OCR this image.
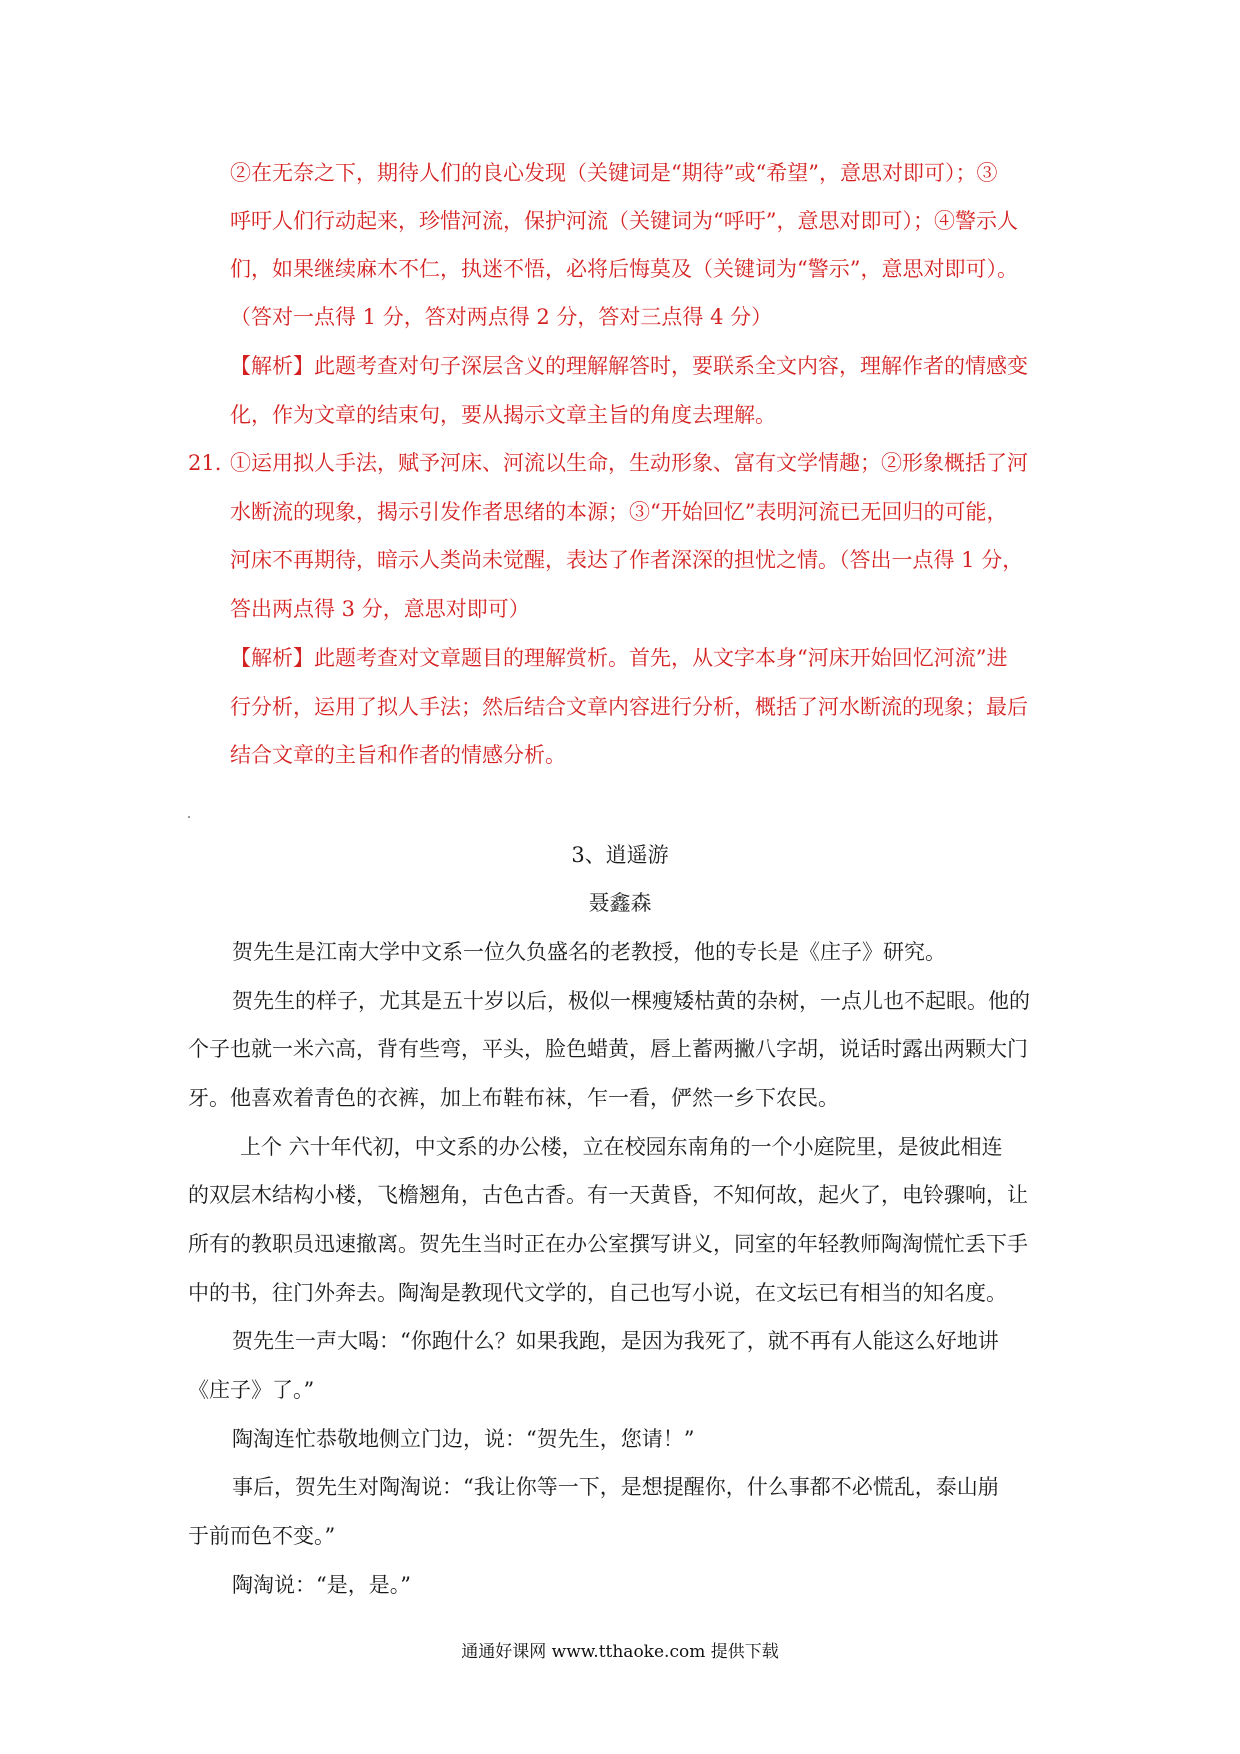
②在无奈之下，期待人们的良心发现（关键词是“期待”或“希望”，意思对即可）；③
呼吁人们行动起来，珍惜河流，保护河流（关键词为“呼吁”，意思对即可）；④警示人
们，如果继续麻木不仁，执迷不悟，必将后悔莫及（关键词为“警示”，意思对即可）。
（答对一点得 1 分，答对两点得 2 分，答对三点得 4 分）
【解析】此题考查对句子深层含义的理解解答时，要联系全文内容，理解作者的情感变
化，作为文章的结束句，要从揭示文章主旨的角度去理解。
21. ①运用拟人手法，赋予河床、河流以生命，生动形象、富有文学情趣；②形象概括了河
水断流的现象，揭示引发作者思绪的本源；③“开始回忆”表明河流已无回归的可能，
河床不再期待，暗示人类尚未觉醒，表达了作者深深的担忧之情。（答出一点得 1 分，
答出两点得 3 分，意思对即可）
【解析】此题考查对文章题目的理解赏析。首先，从文字本身“河床开始回忆河流”进
行分析，运用了拟人手法；然后结合文章内容进行分析，概括了河水断流的现象；最后
结合文章的主旨和作者的情感分析。
3、逍遥游
聂鑫森
贺先生是江南大学中文系一位久负盛名的老教授，他的专长是《庄子》研究。
贺先生的样子，尤其是五十岁以后，极似一棵瘦矮枯黄的杂树，一点儿也不起眼。他的
个子也就一米六高，背有些弯，平头，脸色蜡黄，唇上蓄两撇八字胡，说话时露出两颗大门
牙。他喜欢着青色的衣裤，加上布鞋布袜，乍一看，俨然一乡下农民。
上个 六十年代初，中文系的办公楼，立在校园东南角的一个小庭院里，是彼此相连
的双层木结构小楼，飞檐翘角，古色古香。有一天黄昏，不知何故，起火了，电铃骤响，让
所有的教职员迅速撤离。贺先生当时正在办公室撰写讲义，同室的年轻教师陶淘慌忙丢下手
中的书，往门外奔去。陶淘是教现代文学的，自己也写小说，在文坛已有相当的知名度。
贺先生一声大喝：“你跑什么？如果我跑，是因为我死了，就不再有人能这么好地讲
《庄子》了。”
陶淘连忙恭敬地侧立门边，说：“贺先生，您请！”
事后，贺先生对陶淘说：“我让你等一下，是想提醒你，什么事都不必慌乱，泰山崩
于前而色不变。”
陶淘说：“是，是。”
通通好课网 www.tthaoke.com 提供下载
